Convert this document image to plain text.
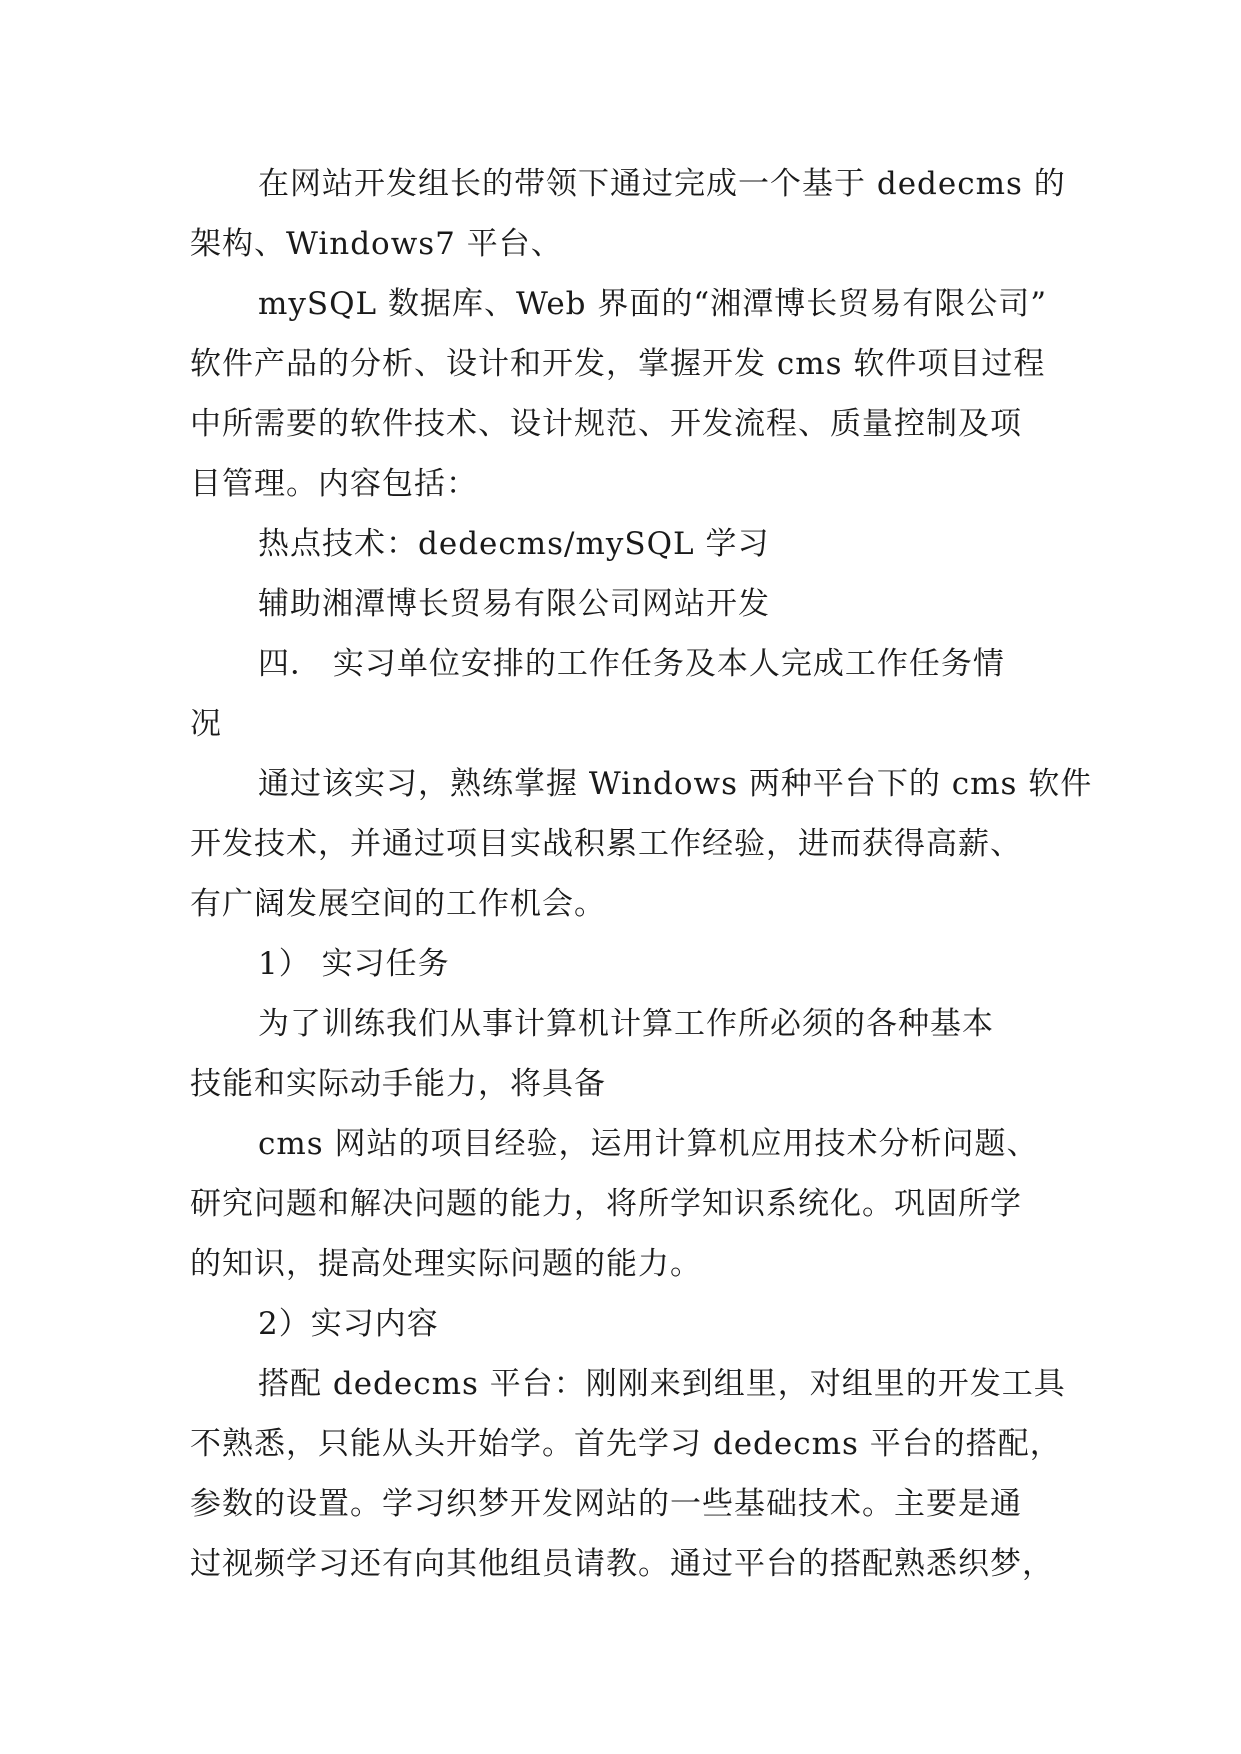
在网站开发组长的带领下通过完成一个基于 dedecms 的

架构、Windows7 平台、

mySQL 数据库、Web 界面的“湘潭博长贸易有限公司”

软件产品的分析、设计和开发，掌握开发 cms 软件项目过程

中所需要的软件技术、设计规范、开发流程、质量控制及项

目管理。内容包括：

热点技术：dedecms/mySQL 学习

辅助湘潭博长贸易有限公司网站开发

四． 实习单位安排的工作任务及本人完成工作任务情

况

通过该实习，熟练掌握 Windows 两种平台下的 cms 软件

开发技术，并通过项目实战积累工作经验，进而获得高薪、

有广阔发展空间的工作机会。

1） 实习任务

为了训练我们从事计算机计算工作所必须的各种基本

技能和实际动手能力，将具备

cms 网站的项目经验，运用计算机应用技术分析问题、

研究问题和解决问题的能力，将所学知识系统化。巩固所学

的知识，提高处理实际问题的能力。

2）实习内容

搭配 dedecms 平台：刚刚来到组里，对组里的开发工具

不熟悉，只能从头开始学。首先学习 dedecms 平台的搭配，

参数的设置。学习织梦开发网站的一些基础技术。主要是通

过视频学习还有向其他组员请教。通过平台的搭配熟悉织梦，
